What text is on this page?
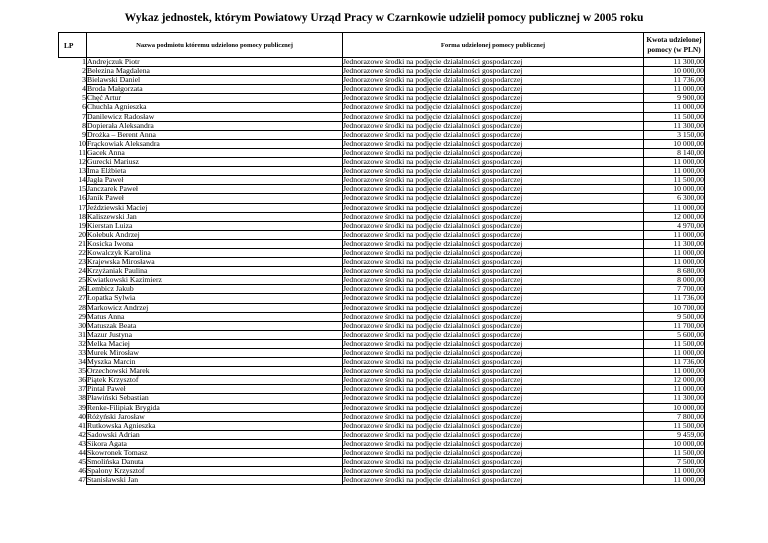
Wykaz jednostek, którym Powiatowy Urząd Pracy w Czarnkowie udzielił pomocy publicznej w 2005 roku
LP	Nazwa podmiotu któremu udzielono pomocy publicznej	Forma udzielonej pomocy publicznej	Kwota udzielonej pomocy (w PLN)
1	Andrejczuk Piotr	Jednorazowe środki na podjęcie działalności gospodarczej	11 300,00
2	Bełezina Magdalena	Jednorazowe środki na podjęcie działalności gospodarczej	10 000,00
3	Bielawski Daniel	Jednorazowe środki na podjęcie działalności gospodarczej	11 736,00
4	Broda Małgorzata	Jednorazowe środki na podjęcie działalności gospodarczej	11 000,00
5	Chęć Artur	Jednorazowe środki na podjęcie działalności gospodarczej	9 900,00
6	Chuchla Agnieszka	Jednorazowe środki na podjęcie działalności gospodarczej	11 000,00
7	Danilewicz Radosław	Jednorazowe środki na podjęcie działalności gospodarczej	11 500,00
8	Dopierała Aleksandra	Jednorazowe środki na podjęcie działalności gospodarczej	11 300,00
9	Drożka – Berent Anna	Jednorazowe środki na podjęcie działalności gospodarczej	3 150,00
10	Frąckowiak Aleksandra	Jednorazowe środki na podjęcie działalności gospodarczej	10 000,00
11	Gacek Anna	Jednorazowe środki na podjęcie działalności gospodarczej	8 140,00
12	Gurecki Mariusz	Jednorazowe środki na podjęcie działalności gospodarczej	11 000,00
13	Ima Elżbieta	Jednorazowe środki na podjęcie działalności gospodarczej	11 000,00
14	Jagła Paweł	Jednorazowe środki na podjęcie działalności gospodarczej	11 500,00
15	Janczarek Paweł	Jednorazowe środki na podjęcie działalności gospodarczej	10 000,00
16	Janik Paweł	Jednorazowe środki na podjęcie działalności gospodarczej	6 300,00
17	Jeździewski Maciej	Jednorazowe środki na podjęcie działalności gospodarczej	11 000,00
18	Kaliszewski Jan	Jednorazowe środki na podjęcie działalności gospodarczej	12 000,00
19	Kierstan Luiza	Jednorazowe środki na podjęcie działalności gospodarczej	4 970,00
20	Kołebuk Andrzej	Jednorazowe środki na podjęcie działalności gospodarczej	11 000,00
21	Kosicka Iwona	Jednorazowe środki na podjęcie działalności gospodarczej	11 300,00
22	Kowalczyk Karolina	Jednorazowe środki na podjęcie działalności gospodarczej	11 000,00
23	Krajewska Mirosława	Jednorazowe środki na podjęcie działalności gospodarczej	11 000,00
24	Krzyżaniak Paulina	Jednorazowe środki na podjęcie działalności gospodarczej	8 680,00
25	Kwiatkowski Kazimierz	Jednorazowe środki na podjęcie działalności gospodarczej	8 000,00
26	Lembicz Jakub	Jednorazowe środki na podjęcie działalności gospodarczej	7 700,00
27	Łopatka Sylwia	Jednorazowe środki na podjęcie działalności gospodarczej	11 736,00
28	Markowicz Andrzej	Jednorazowe środki na podjęcie działalności gospodarczej	10 700,00
29	Matus Anna	Jednorazowe środki na podjęcie działalności gospodarczej	9 500,00
30	Matuszak Beata	Jednorazowe środki na podjęcie działalności gospodarczej	11 700,00
31	Mazur Justyna	Jednorazowe środki na podjęcie działalności gospodarczej	5 600,00
32	Melka Maciej	Jednorazowe środki na podjęcie działalności gospodarczej	11 500,00
33	Murek Mirosław	Jednorazowe środki na podjęcie działalności gospodarczej	11 000,00
34	Myszka Marcin	Jednorazowe środki na podjęcie działalności gospodarczej	11 736,00
35	Orzechowski Marek	Jednorazowe środki na podjęcie działalności gospodarczej	11 000,00
36	Piątek Krzysztof	Jednorazowe środki na podjęcie działalności gospodarczej	12 000,00
37	Pintal Paweł	Jednorazowe środki na podjęcie działalności gospodarczej	11 000,00
38	Pławiński Sebastian	Jednorazowe środki na podjęcie działalności gospodarczej	11 300,00
39	Renke-Filipiak Brygida	Jednorazowe środki na podjęcie działalności gospodarczej	10 000,00
40	Różyński Jarosław	Jednorazowe środki na podjęcie działalności gospodarczej	7 800,00
41	Rutkowska Agnieszka	Jednorazowe środki na podjęcie działalności gospodarczej	11 500,00
42	Sadowski Adrian	Jednorazowe środki na podjęcie działalności gospodarczej	9 459,00
43	Sikora Agata	Jednorazowe środki na podjęcie działalności gospodarczej	10 000,00
44	Skowronek Tomasz	Jednorazowe środki na podjęcie działalności gospodarczej	11 500,00
45	Smolińska Danuta	Jednorazowe środki na podjęcie działalności gospodarczej	7 500,00
46	Spałony Krzysztof	Jednorazowe środki na podjęcie działalności gospodarczej	11 000,00
47	Stanisławski Jan	Jednorazowe środki na podjęcie działalności gospodarczej	11 000,00
